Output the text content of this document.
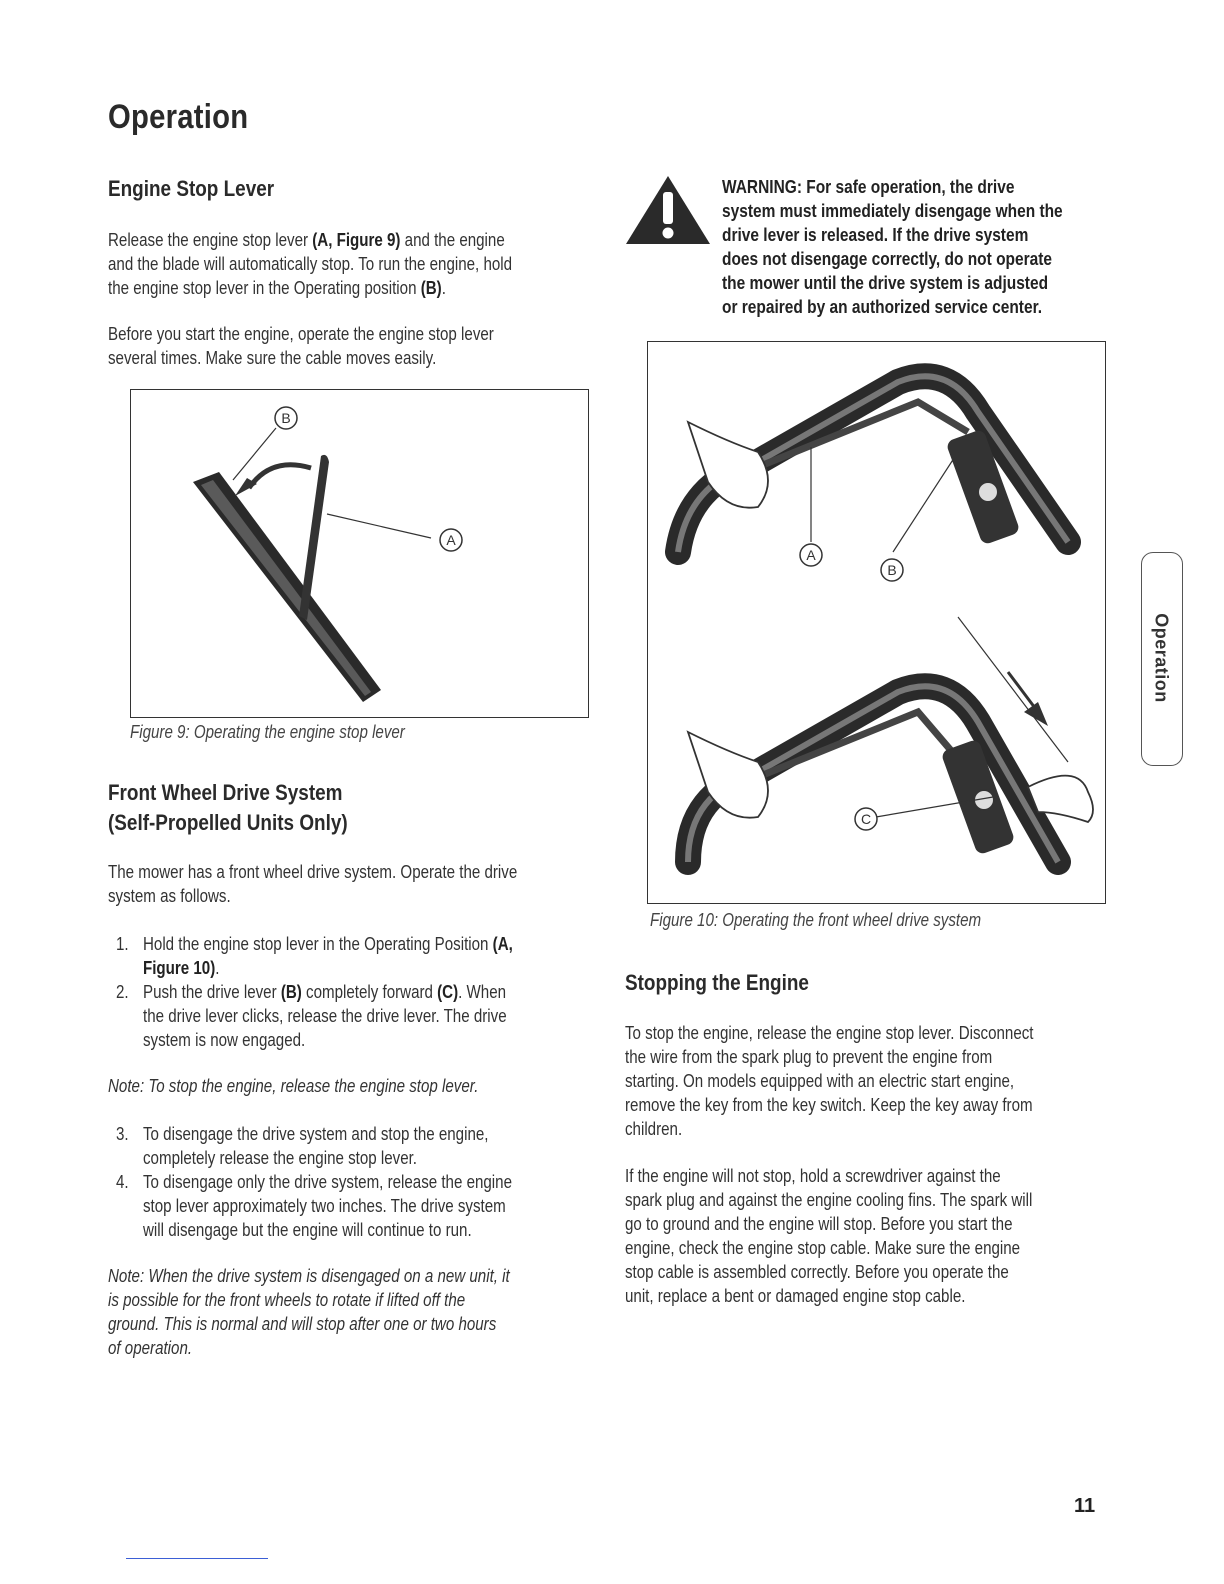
Operation
Engine Stop Lever

Release the engine stop lever (A, Figure 9) and the engine

and the blade will automatically stop. To run the engine, hold

the engine stop lever in the Operating position (B).

Before you start the engine, operate the engine stop lever

several times. Make sure the cable moves easily.

B
A

Figure 9: Operating the engine stop lever

Front Wheel Drive System
(Self-Propelled Units Only)

The mower has a front wheel drive system. Operate the drive

system as follows.

1. Hold the engine stop lever in the Operating Position (A,

Figure 10).

2. Push the drive lever (B) completely forward (C). When

the drive lever clicks, release the drive lever. The drive

system is now engaged.

Note: To stop the engine, release the engine stop lever.

3. To disengage the drive system and stop the engine,

completely release the engine stop lever.

4. To disengage only the drive system, release the engine

stop lever approximately two inches. The drive system

will disengage but the engine will continue to run.

Note: When the drive system is disengaged on a new unit, it

is possible for the front wheels to rotate if lifted off the

ground. This is normal and will stop after one or two hours

of operation.

WARNING: For safe operation, the drive
system must immediately disengage when the
drive lever is released. If the drive system
does not disengage correctly, do not operate
the mower until the drive system is adjusted
or repaired by an authorized service center.
A
B
C

Figure 10: Operating the front wheel drive system

Stopping the Engine

To stop the engine, release the engine stop lever. Disconnect

the wire from the spark plug to prevent the engine from

starting. On models equipped with an electric start engine,

remove the key from the key switch. Keep the key away from

children.

If the engine will not stop, hold a screwdriver against the

spark plug and against the engine cooling fins. The spark will

go to ground and the engine will stop. Before you start the

engine, check the engine stop cable. Make sure the engine

stop cable is assembled correctly. Before you operate the

unit, replace a bent or damaged engine stop cable.

Operation

11
